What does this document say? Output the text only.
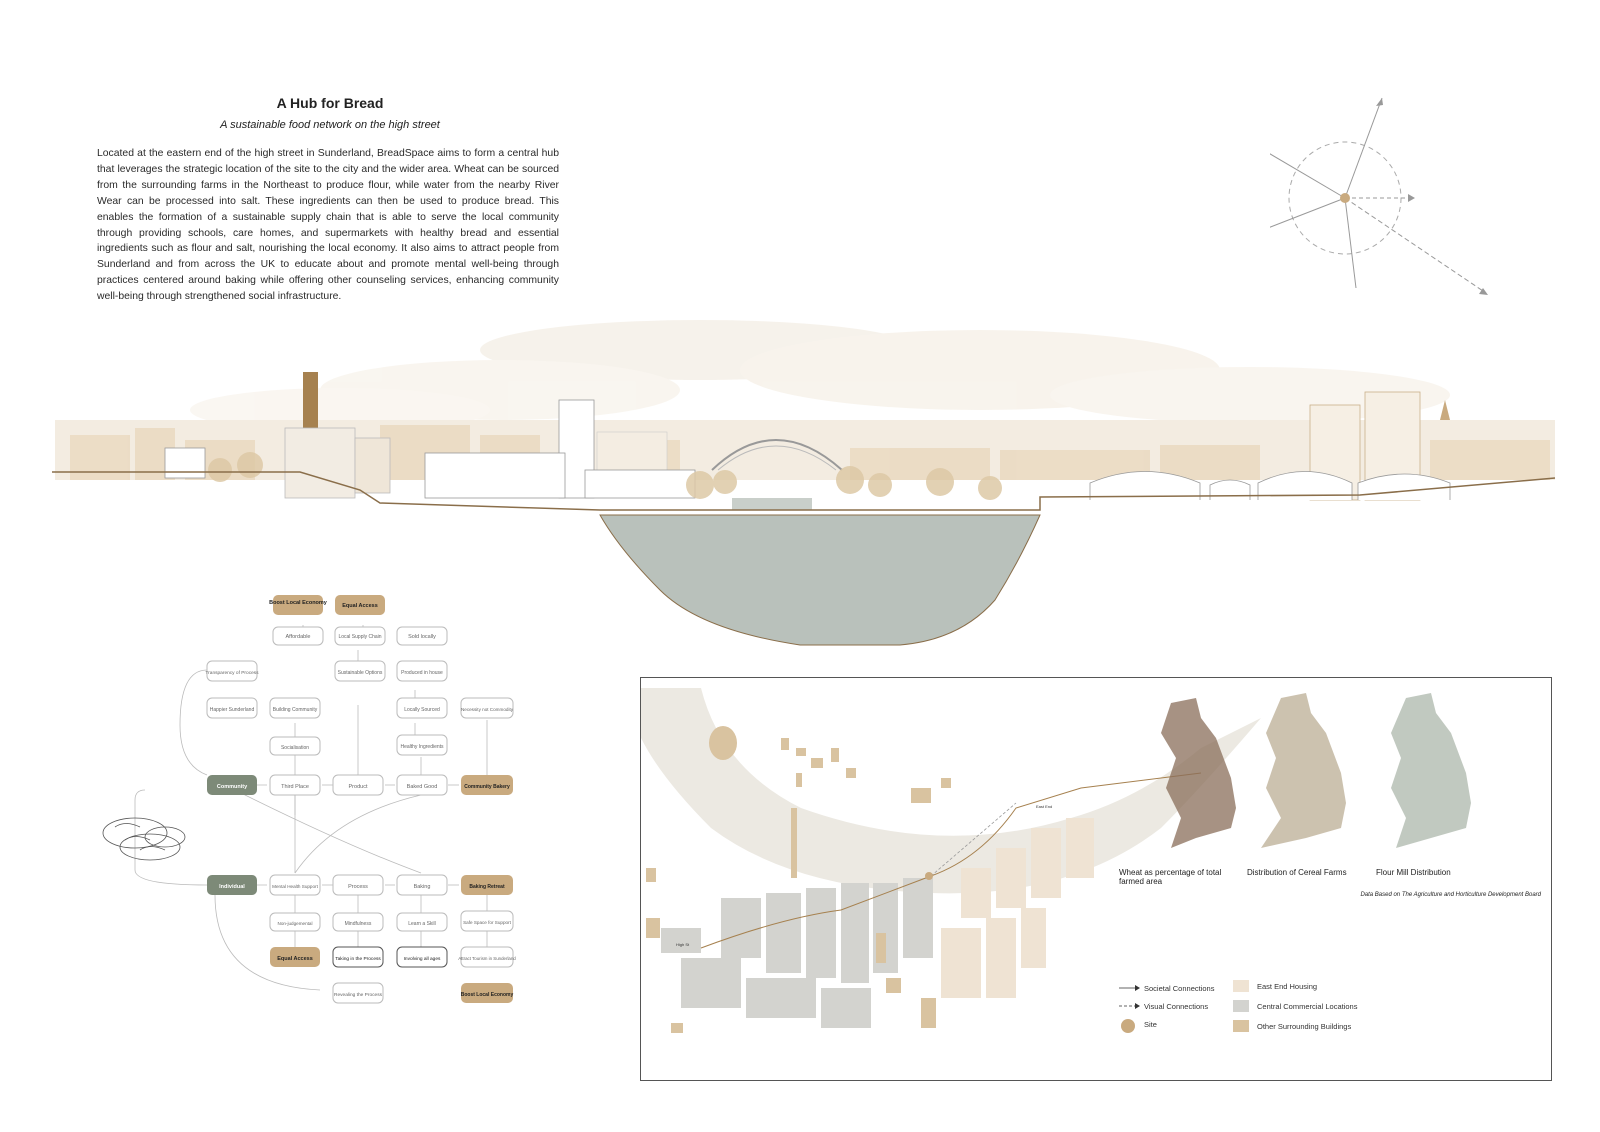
A Hub for Bread
A sustainable food network on the high street
Located at the eastern end of the high street in Sunderland, BreadSpace aims to form a central hub that leverages the strategic location of the site to the city and the wider area. Wheat can be sourced from the surrounding farms in the Northeast to produce flour, while water from the nearby River Wear can be processed into salt. These ingredients can then be used to produce bread. This enables the formation of a sustainable supply chain that is able to serve the local community through providing schools, care homes, and supermarkets with healthy bread and essential ingredients such as flour and salt, nourishing the local economy. It also aims to attract people from Sunderland and from across the UK to educate about and promote mental well-being through practices centered around baking while offering other counseling services, enhancing community well-being through strengthened social infrastructure.
Boost Local Economy	Equal Access
Affordable	Local Supply Chain	Sold locally
Transparency of Process	Sustainable Options	Produced in house
Happier Sunderland	Building Community	Locally Sourced	Necessity not Commodity
Socialisation	Healthy Ingredients
Community	Third Place	Product	Baked Good	Community Bakery
Individual	Mental Health Support	Process	Baking	Baking Retreat
Non-judgemental	Mindfulness	Learn a Skill	Safe Space for Support
Equal Access	Taking in the Process	Involving all ages	Attract Tourism in Sunderland
Revealing the Process	Boost Local Economy
East End
High St
Societal Connections
Visual Connections
Site
East End Housing
Central Commercial Locations
Other Surrounding Buildings
Wheat as percentage of total farmed area
Distribution of Cereal Farms	Flour Mill Distribution
Data Based on The Agriculture and Horticulture Development Board
